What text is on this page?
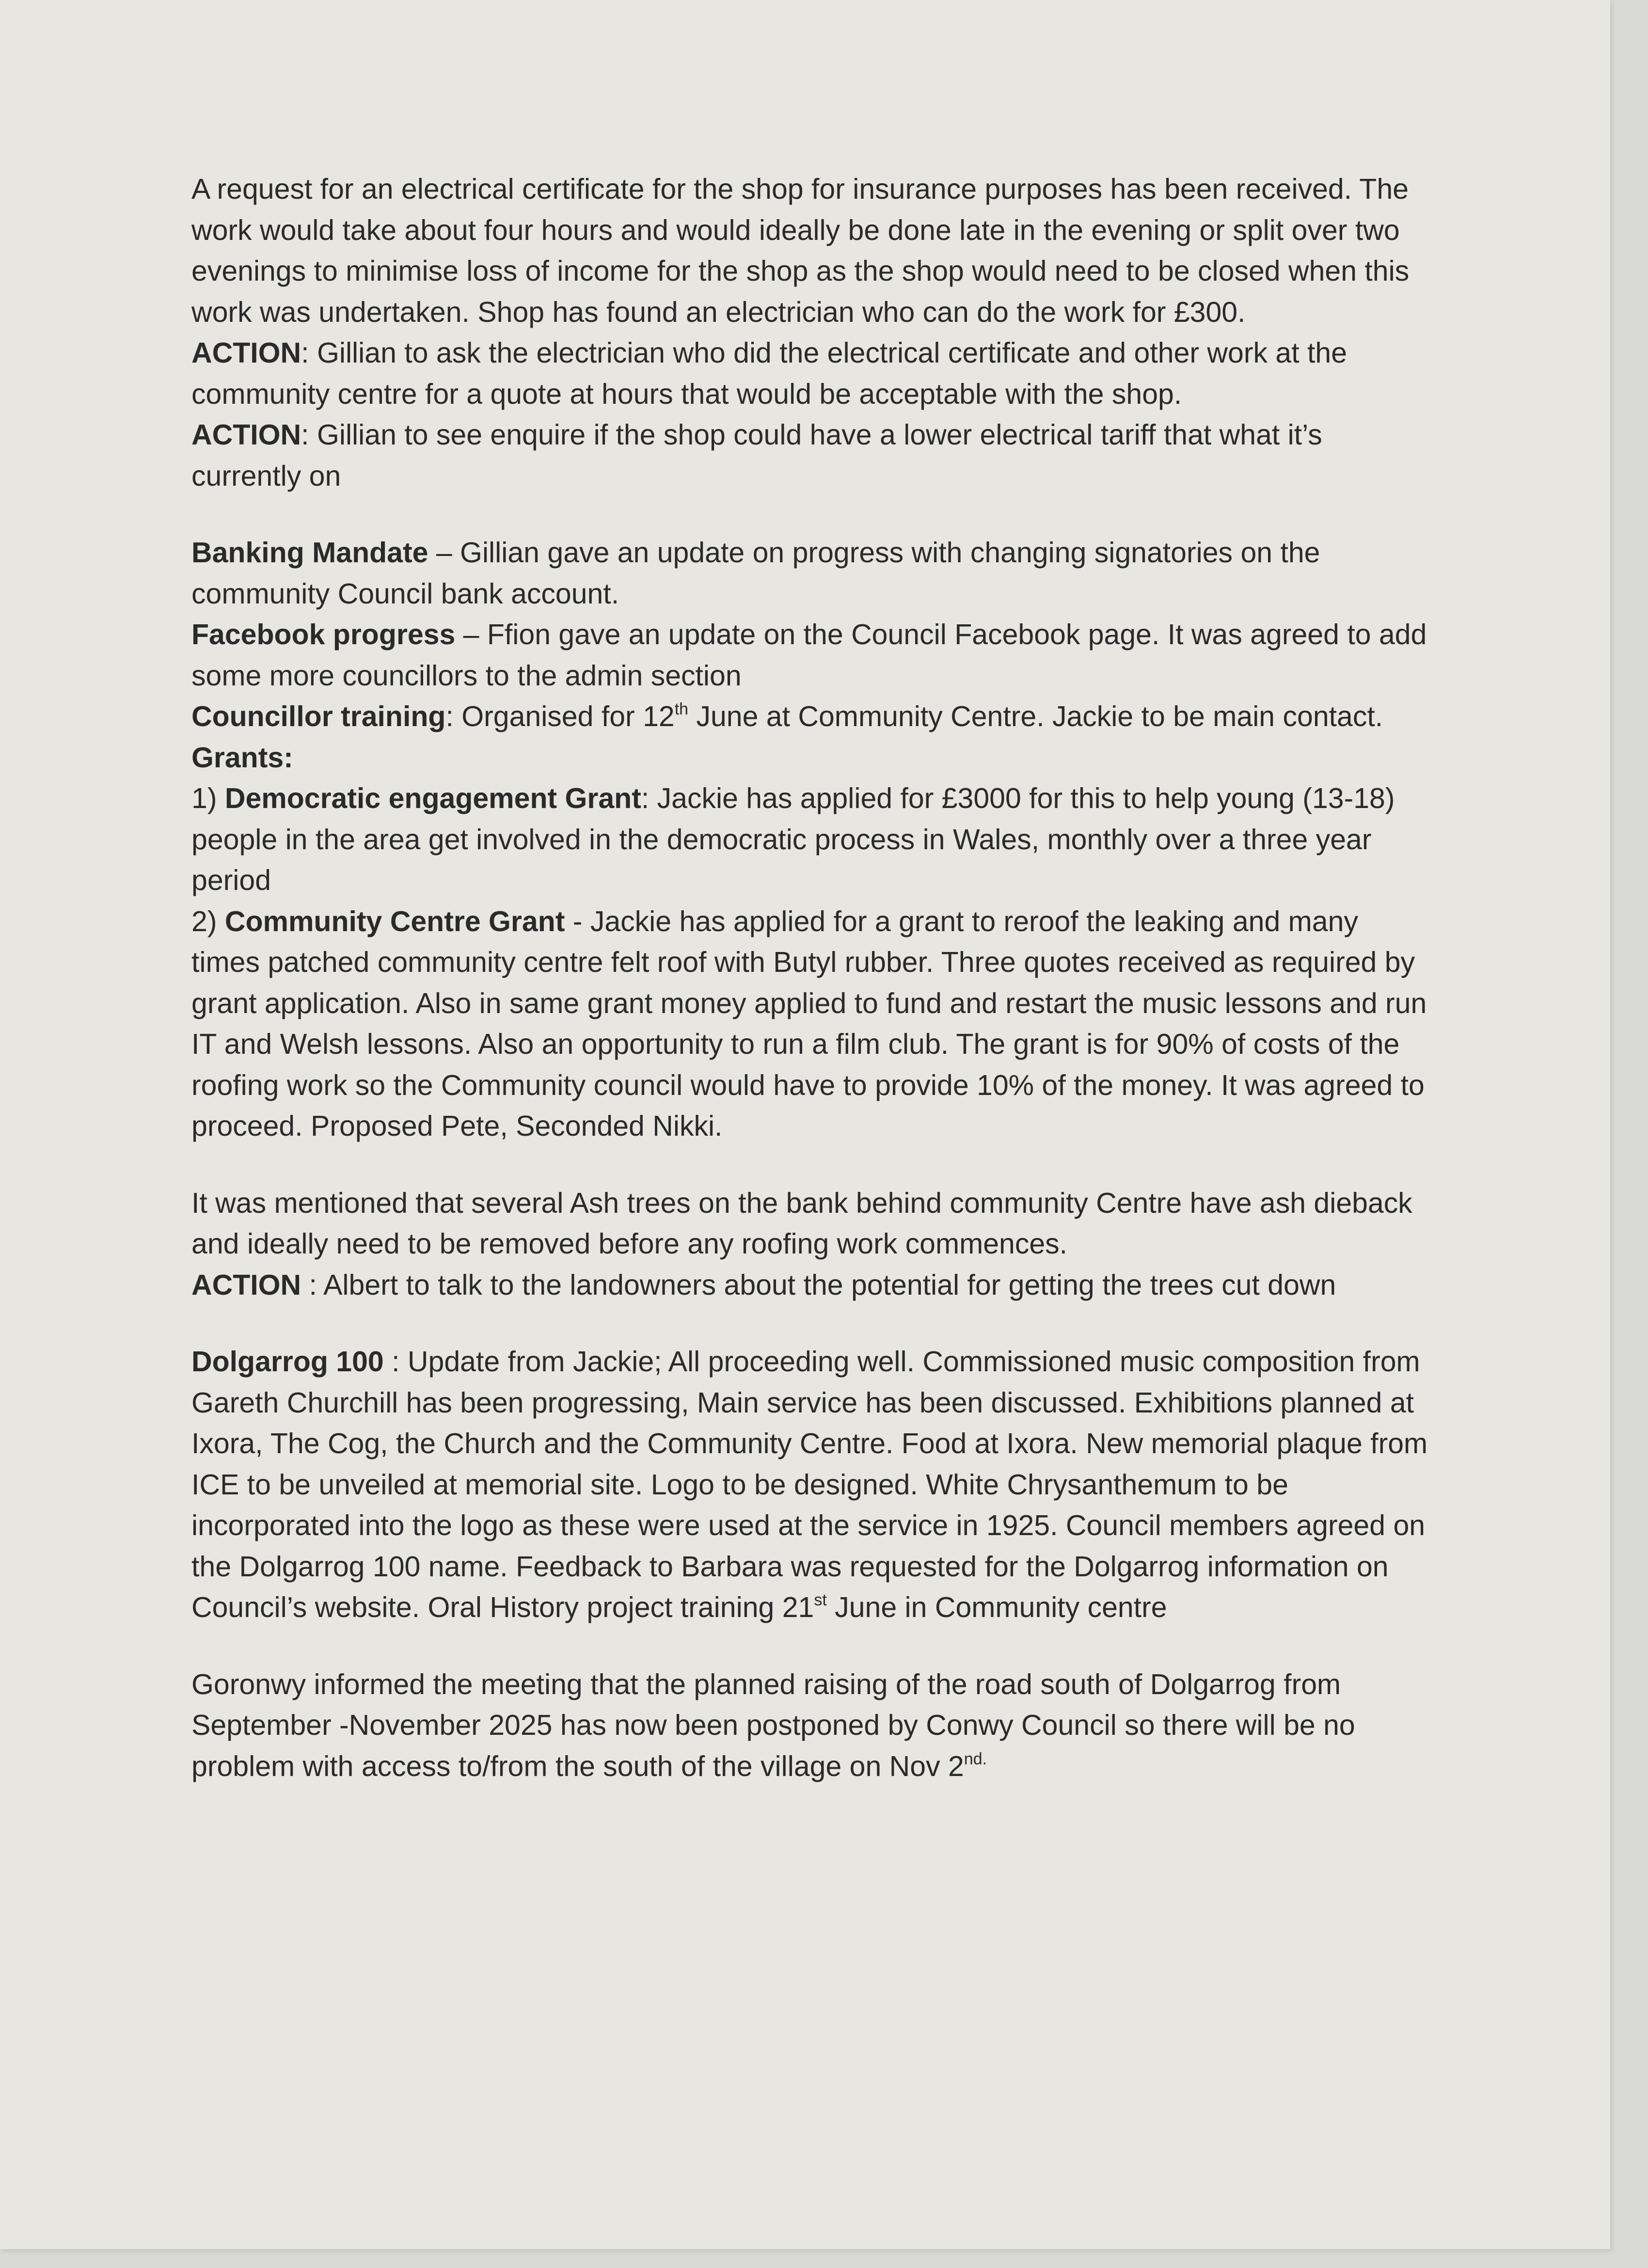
A request for an electrical certificate for the shop for insurance purposes has been received. The work would take about four hours and would ideally be done late in the evening or split over two evenings to minimise loss of income for the shop as the shop would need to be closed when this work was undertaken. Shop has found an electrician who can do the work for £300.

ACTION: Gillian to ask the electrician who did the electrical certificate and other work at the community centre for a quote at hours that would be acceptable with the shop.

ACTION: Gillian to see enquire if the shop could have a lower electrical tariff that what it’s currently on

Banking Mandate – Gillian gave an update on progress with changing signatories on the community Council bank account.

Facebook progress – Ffion gave an update on the Council Facebook page. It was agreed to add some more councillors to the admin section

Councillor training: Organised for 12th June at Community Centre. Jackie to be main contact.

Grants:

1) Democratic engagement Grant: Jackie has applied for £3000 for this to help young (13-18) people in the area get involved in the democratic process in Wales, monthly over a three year period

2) Community Centre Grant - Jackie has applied for a grant to reroof the leaking and many times patched community centre felt roof with Butyl rubber. Three quotes received as required by grant application. Also in same grant money applied to fund and restart the music lessons and run IT and Welsh lessons. Also an opportunity to run a film club. The grant is for 90% of costs of the roofing work so the Community council would have to provide 10% of the money. It was agreed to proceed. Proposed Pete, Seconded Nikki.

It was mentioned that several Ash trees on the bank behind community Centre have ash dieback and ideally need to be removed before any roofing work commences.

ACTION : Albert to talk to the landowners about the potential for getting the trees cut down

Dolgarrog 100 : Update from Jackie; All proceeding well. Commissioned music composition from Gareth Churchill has been progressing, Main service has been discussed. Exhibitions planned at Ixora, The Cog, the Church and the Community Centre. Food at Ixora. New memorial plaque from ICE to be unveiled at memorial site. Logo to be designed. White Chrysanthemum to be incorporated into the logo as these were used at the service in 1925. Council members agreed on the Dolgarrog 100 name. Feedback to Barbara was requested for the Dolgarrog information on Council’s website. Oral History project training 21st June in Community centre

Goronwy informed the meeting that the planned raising of the road south of Dolgarrog from September -November 2025 has now been postponed by Conwy Council so there will be no problem with access to/from the south of the village on Nov $2^{nd.}$
